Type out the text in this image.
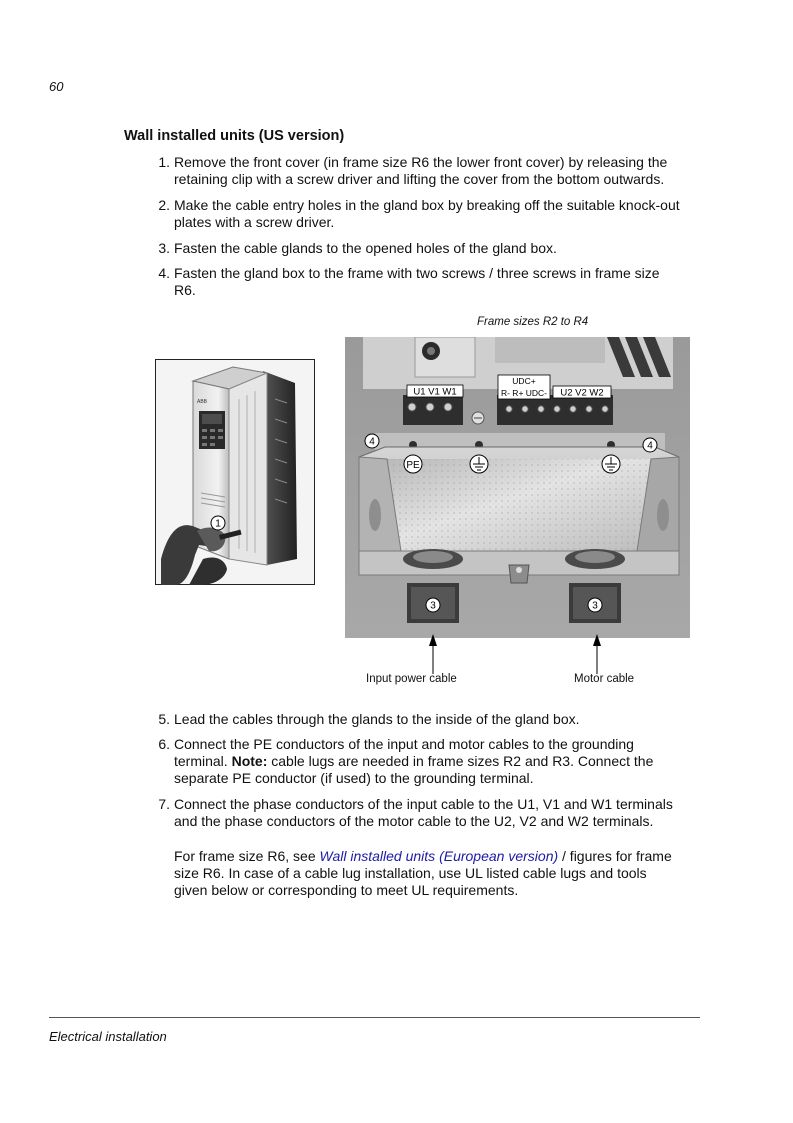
60
Wall installed units (US version)
1. Remove the front cover (in frame size R6 the lower front cover) by releasing the
retaining clip with a screw driver and lifting the cover from the bottom outwards.
2. Make the cable entry holes in the gland box by breaking off the suitable knock-out
plates with a screw driver.
3. Fasten the cable glands to the opened holes of the gland box.
4. Fasten the gland box to the frame with two screws / three screws in frame size
R6.
Frame sizes R2 to R4
ABB
1
U1 V1 W1
UDC+
R- R+ UDC- U2 V2 W2
PE
4	4
3	3
Input power cable	Motor cable
5. Lead the cables through the glands to the inside of the gland box.
6. Connect the PE conductors of the input and motor cables to the grounding
terminal. Note: cable lugs are needed in frame sizes R2 and R3. Connect the
separate PE conductor (if used) to the grounding terminal.
7. Connect the phase conductors of the input cable to the U1, V1 and W1 terminals
and the phase conductors of the motor cable to the U2, V2 and W2 terminals.
For frame size R6, see Wall installed units (European version) / figures for frame
size R6. In case of a cable lug installation, use UL listed cable lugs and tools
given below or corresponding to meet UL requirements.
Electrical installation
